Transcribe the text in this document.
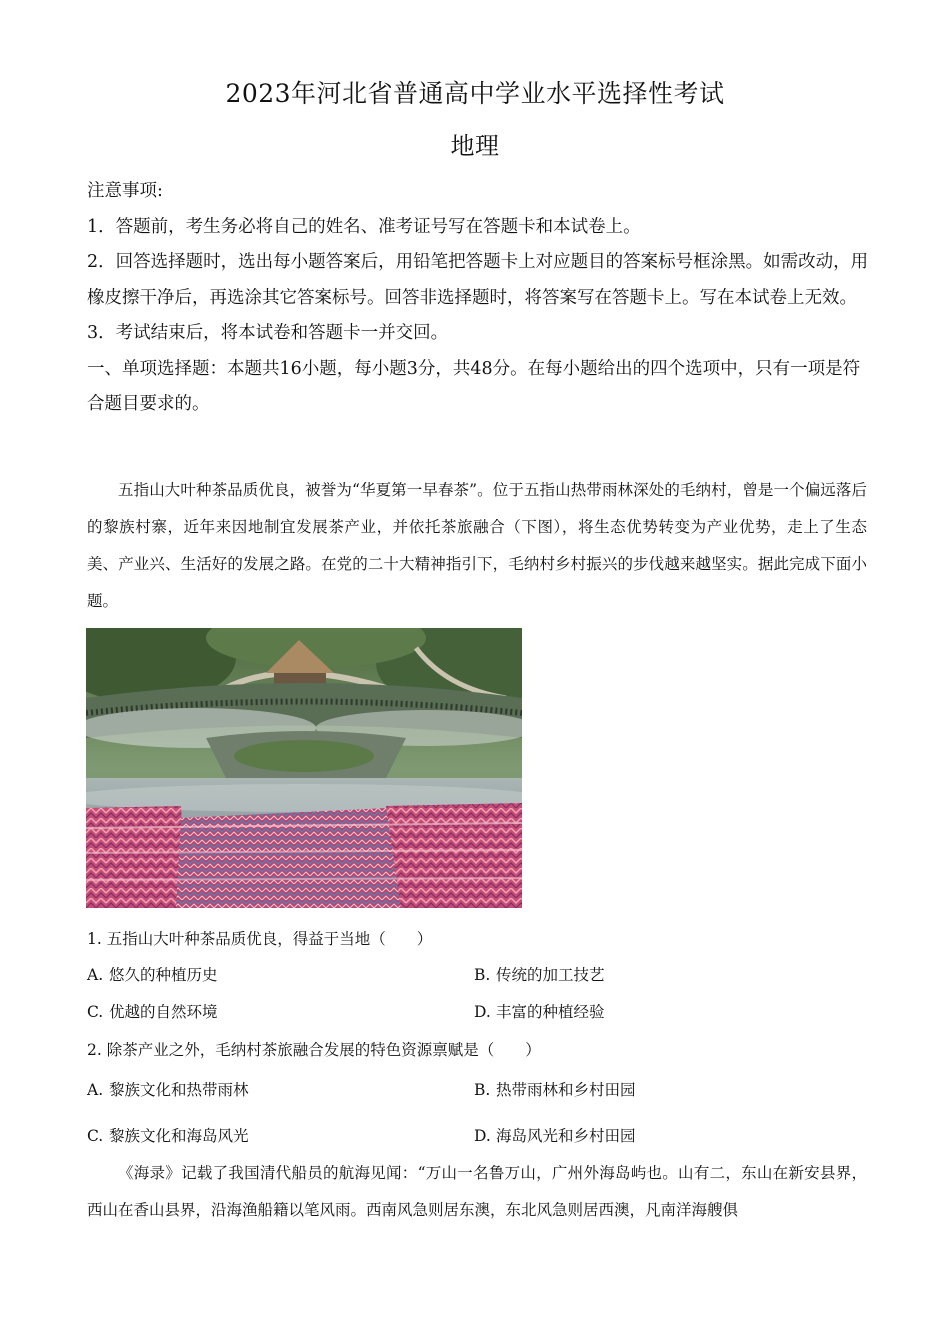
2023年河北省普通高中学业水平选择性考试
地理

注意事项:

1．答题前，考生务必将自己的姓名、准考证号写在答题卡和本试卷上。

2．回答选择题时，选出每小题答案后，用铅笔把答题卡上对应题目的答案标号框涂黑。如需改动，用橡皮擦干净后，再选涂其它答案标号。回答非选择题时，将答案写在答题卡上。写在本试卷上无效。

3．考试结束后，将本试卷和答题卡一并交回。

一、单项选择题：本题共16小题，每小题3分，共48分。在每小题给出的四个选项中，只有一项是符合题目要求的。

五指山大叶种茶品质优良，被誉为“华夏第一早春茶”。位于五指山热带雨林深处的毛纳村，曾是一个偏远落后的黎族村寨，近年来因地制宜发展茶产业，并依托茶旅融合（下图），将生态优势转变为产业优势，走上了生态美、产业兴、生活好的发展之路。在党的二十大精神指引下，毛纳村乡村振兴的步伐越来越坚实。据此完成下面小题。

1. 五指山大叶种茶品质优良，得益于当地（　　）
A. 悠久的种植历史	B. 传统的加工技艺
C. 优越的自然环境	D. 丰富的种植经验
2. 除茶产业之外，毛纳村茶旅融合发展的特色资源禀赋是（　　）
A. 黎族文化和热带雨林	B. 热带雨林和乡村田园
C. 黎族文化和海岛风光	D. 海岛风光和乡村田园

《海录》记载了我国清代船员的航海见闻：“万山一名鲁万山，广州外海岛屿也。山有二，东山在新安县界，西山在香山县界，沿海渔船籍以笔风雨。西南风急则居东澳，东北风急则居西澳，凡南洋海艘俱
